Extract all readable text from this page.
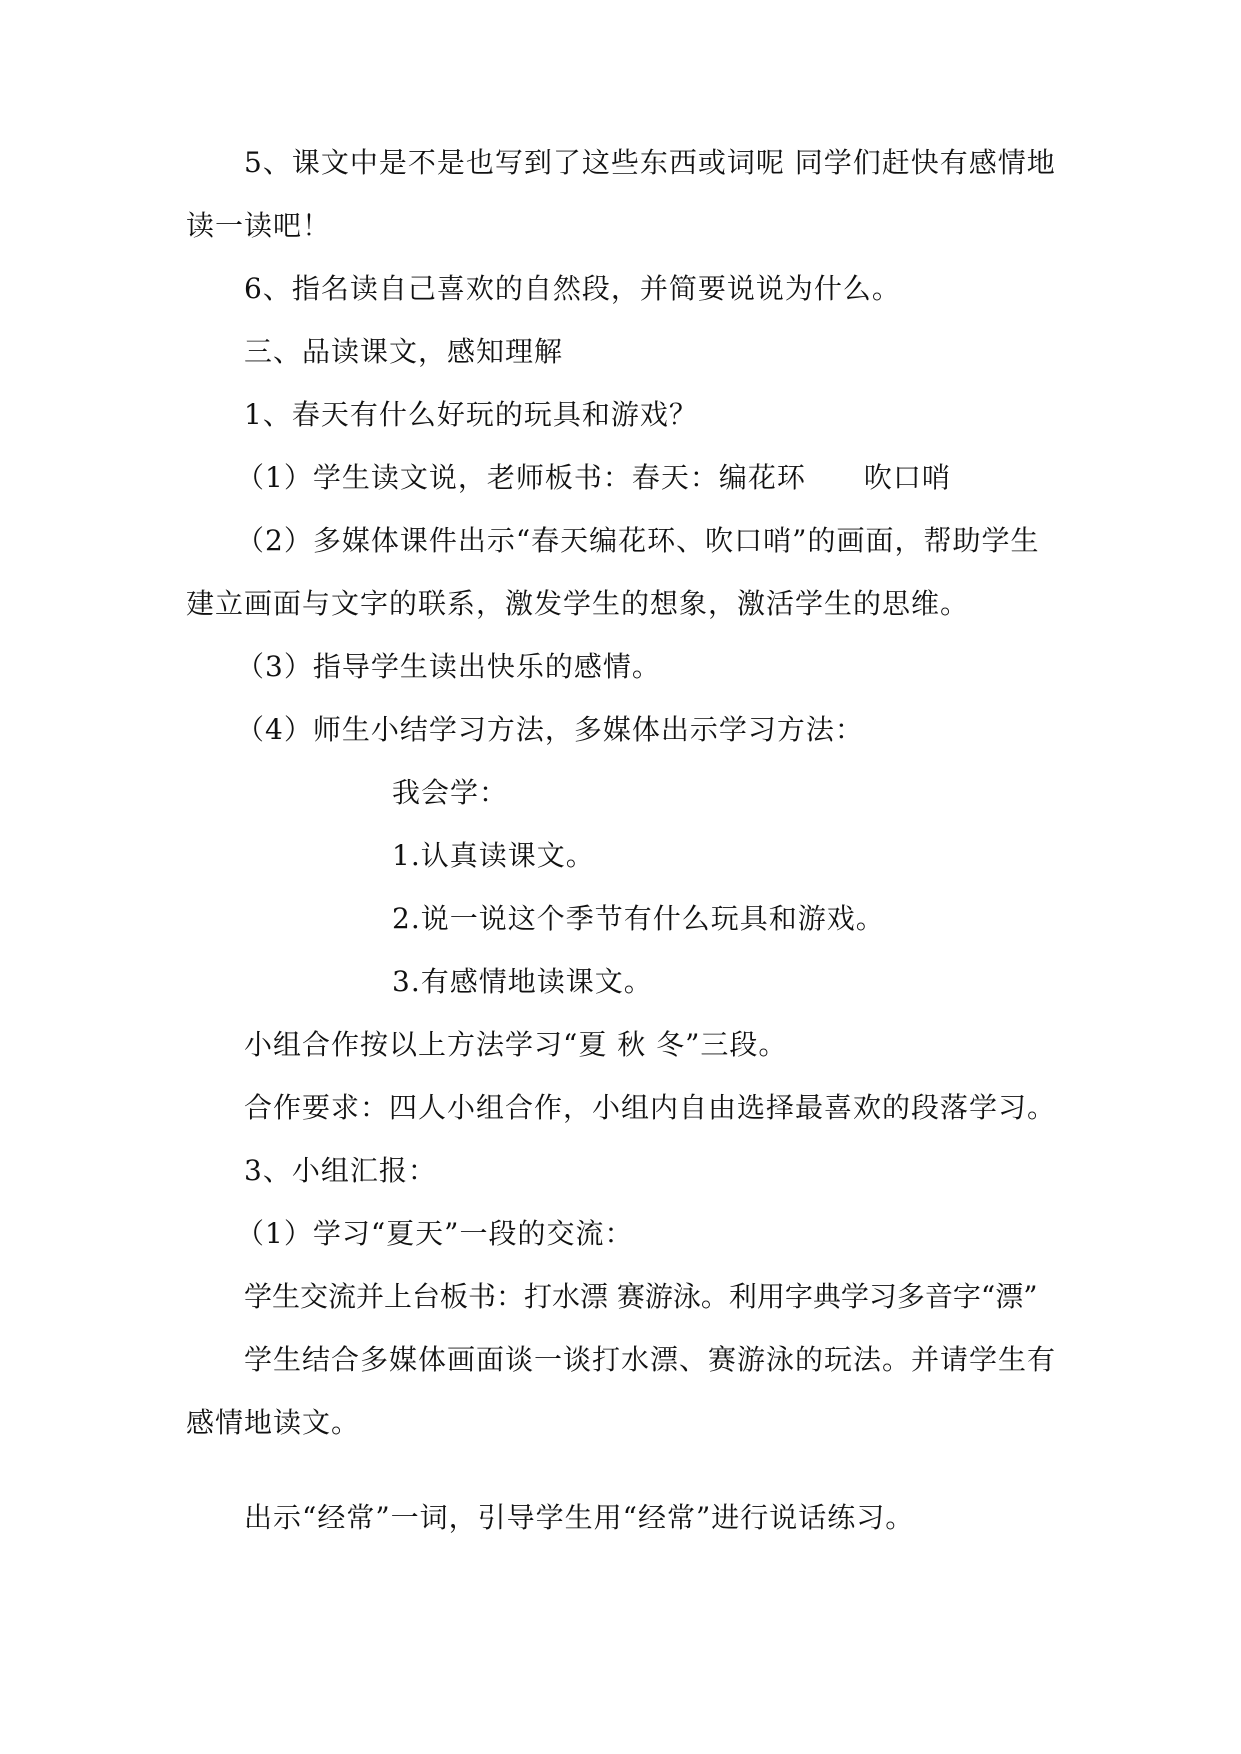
5、课文中是不是也写到了这些东西或词呢 同学们赶快有感情地
读一读吧！
6、指名读自己喜欢的自然段，并简要说说为什么。
三、品读课文，感知理解
1、春天有什么好玩的玩具和游戏？
（1）学生读文说，老师板书：春天：编花环　　吹口哨
（2）多媒体课件出示“春天编花环、吹口哨”的画面，帮助学生
建立画面与文字的联系，激发学生的想象，激活学生的思维。
（3）指导学生读出快乐的感情。
（4）师生小结学习方法，多媒体出示学习方法：
我会学：
1.认真读课文。
2.说一说这个季节有什么玩具和游戏。
3.有感情地读课文。
小组合作按以上方法学习“夏 秋 冬”三段。
合作要求：四人小组合作，小组内自由选择最喜欢的段落学习。
3、小组汇报：
（1）学习“夏天”一段的交流：
学生交流并上台板书：打水漂 赛游泳。利用字典学习多音字“漂”
学生结合多媒体画面谈一谈打水漂、赛游泳的玩法。并请学生有
感情地读文。
出示“经常”一词，引导学生用“经常”进行说话练习。
